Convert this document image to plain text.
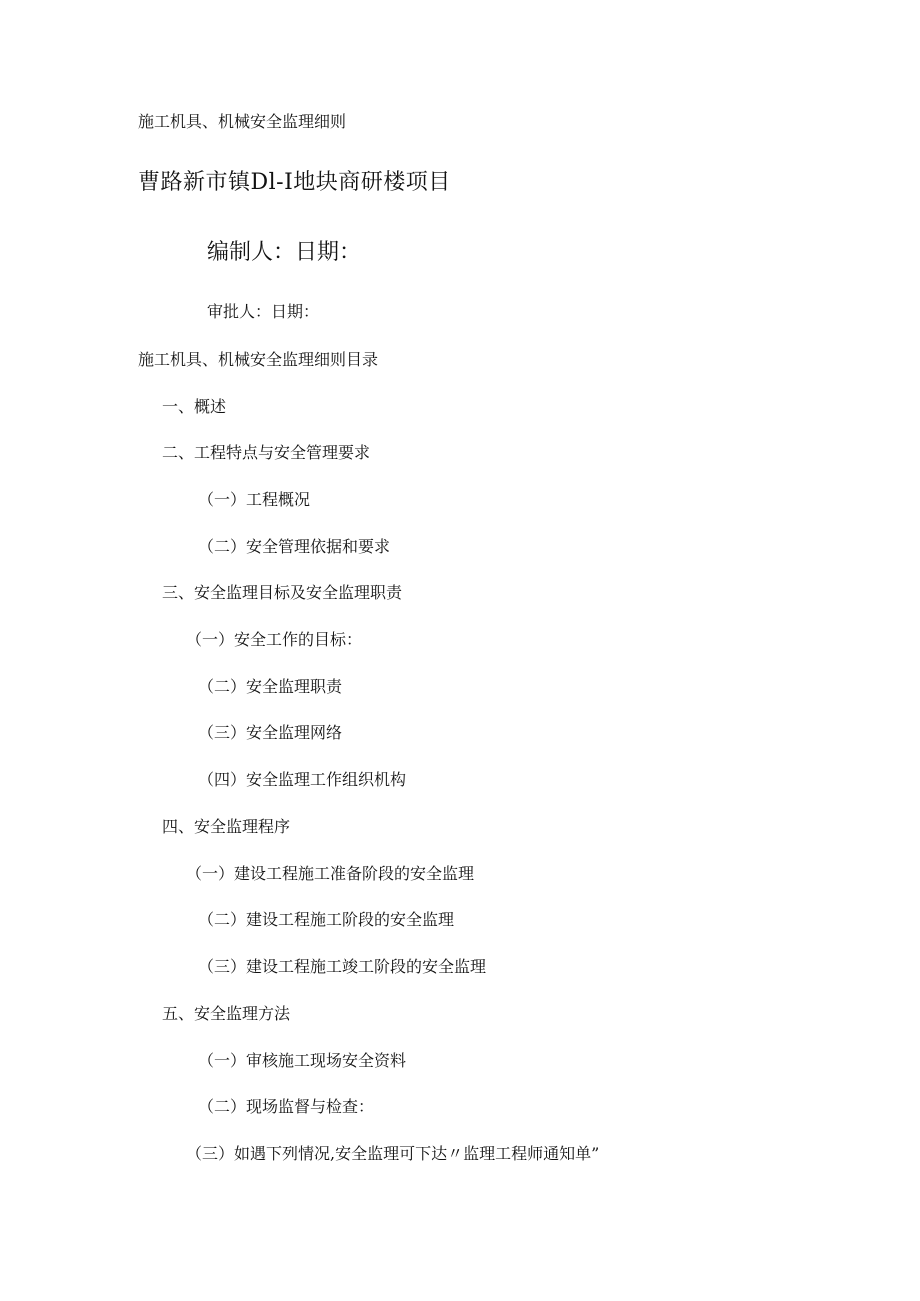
施工机具、机械安全监理细则
曹路新市镇Dl-I地块商研楼项目
编制人：日期：
审批人：日期：
施工机具、机械安全监理细则目录
一、概述
二、工程特点与安全管理要求
（一）工程概况
（二）安全管理依据和要求
三、安全监理目标及安全监理职责
（一）安全工作的目标：
（二）安全监理职责
（三）安全监理网络
（四）安全监理工作组织机构
四、安全监理程序
（一）建设工程施工准备阶段的安全监理
（二）建设工程施工阶段的安全监理
（三）建设工程施工竣工阶段的安全监理
五、安全监理方法
（一）审核施工现场安全资料
（二）现场监督与检查：
（三）如遇下列情况,安全监理可下达〃监理工程师通知单”
